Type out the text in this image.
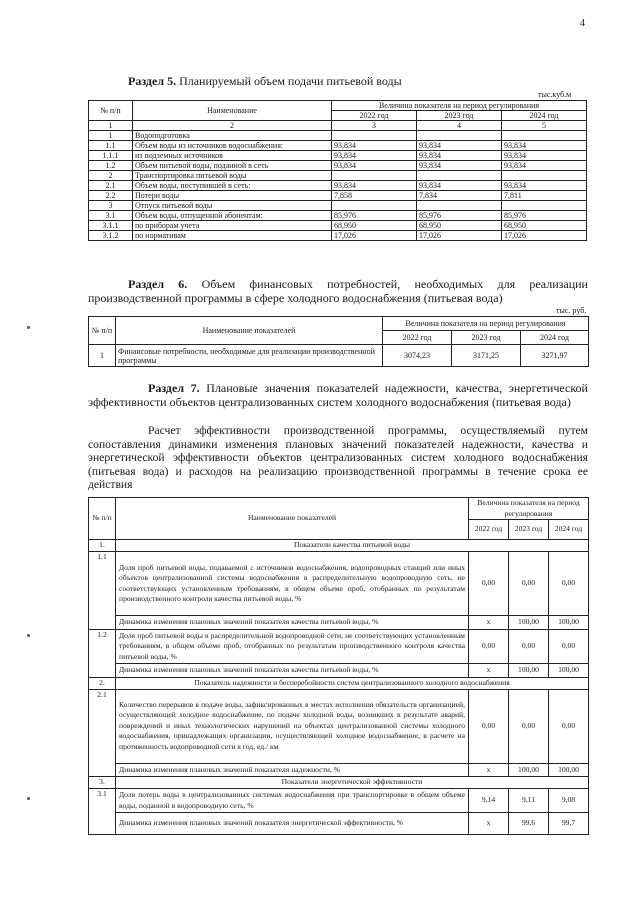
4
Раздел 5. Планируемый объем подачи питьевой воды
тыс.куб.м
№ п/п	Наименование	Величина показателя на период регулирования		
		2022 год	2023 год	2024 год
1	2	3	4	5
1	Водоподготовка			
1.1	Объем воды из источников водоснабжения:	93,834	93,834	93,834
1.1.1	из подземных источников	93,834	93,834	93,834
1.2	Объем питьевой воды, поданной в сеть	93,834	93,834	93,834
2	Транспортировка питьевой воды			
2.1	Объем воды, поступившей в сеть:	93,834	93,834	93,834
2.2	Потери воды	7,858	7,834	7,811
3	Отпуск питьевой воды			
3.1	Объем воды, отпущенной абонентам:	85,976	85,976	85,976
3.1.1	по приборам учета	68,950	68,950	68,950
3.1.2	по нормативам	17,026	17,026	17,026
Раздел 6. Объем финансовых потребностей, необходимых для реализации производственной программы в сфере холодного водоснабжения (питьевая вода)
тыс. руб.
№ п/п	Наименование показателей	Величина показателя на период регулирования		
		2022 год	2023 год	2024 год
1	Финансовые потребности, необходимые для реализации производственной программы	3074,23	3171,25	3271,97
Раздел 7. Плановые значения показателей надежности, качества, энергетической эффективности объектов централизованных систем холодного водоснабжения (питьевая вода)
Расчет эффективности производственной программы, осуществляемый путем сопоставления динамики изменения плановых значений показателей надежности, качества и энергетической эффективности объектов централизованных систем холодного водоснабжения (питьевая вода) и расходов на реализацию производственной программы в течение срока ее действия
№ п/п	Наименование показателей	Величина показателя на период регулирования		
		2022 год	2023 год	2024 год
1.	Показатели качества питьевой воды			
1.1	Доля проб питьевой воды, подаваемой с источников водоснабжения, водопроводных станций или иных объектов централизованной системы водоснабжения в распределительную водопроводную сеть, не соответствующих установленным требованиям, в общем объеме проб, отобранных по результатам производственного контроля качества питьевой воды, %	0,00	0,00	0,00
	Динамика изменения плановых значений показателя качества питьевой воды, %	x	100,00	100,00
1.2	Доля проб питьевой воды в распределительной водопроводной сети, не соответствующих установленным требованиям, в общем объеме проб, отобранных по результатам производственного контроля качества питьевой воды, %	0,00	0,00	0,00
	Динамика изменения плановых значений показателя качества питьевой воды, %	x	100,00	100,00
2.	Показатель надежности и бесперебойности систем централизованного холодного водоснабжения			
2.1	Количество перерывов в подаче воды, зафиксированных в местах исполнения обязательств организацией, осуществляющей холодное водоснабжение, по подаче холодной воды, возникших в результате аварий, повреждений и иных технологических нарушений на объектах централизованной системы холодного водоснабжения, принадлежащих организации, осуществляющей холодное водоснабжение, в расчете на протяженность водопроводной сети в год, ед./ км	0,00	0,00	0,00
	Динамика изменения плановых значений показателя надежности, %	x	100,00	100,00
3.	Показатели энергетической эффективности			
3.1	Доля потерь воды в централизованных системах водоснабжения при транспортировке в общем объеме воды, поданной в водопроводную сеть, %	9,14	9,11	9,08
	Динамика изменения плановых значений показателя энергетической эффективности, %	x	99,6	99,7
